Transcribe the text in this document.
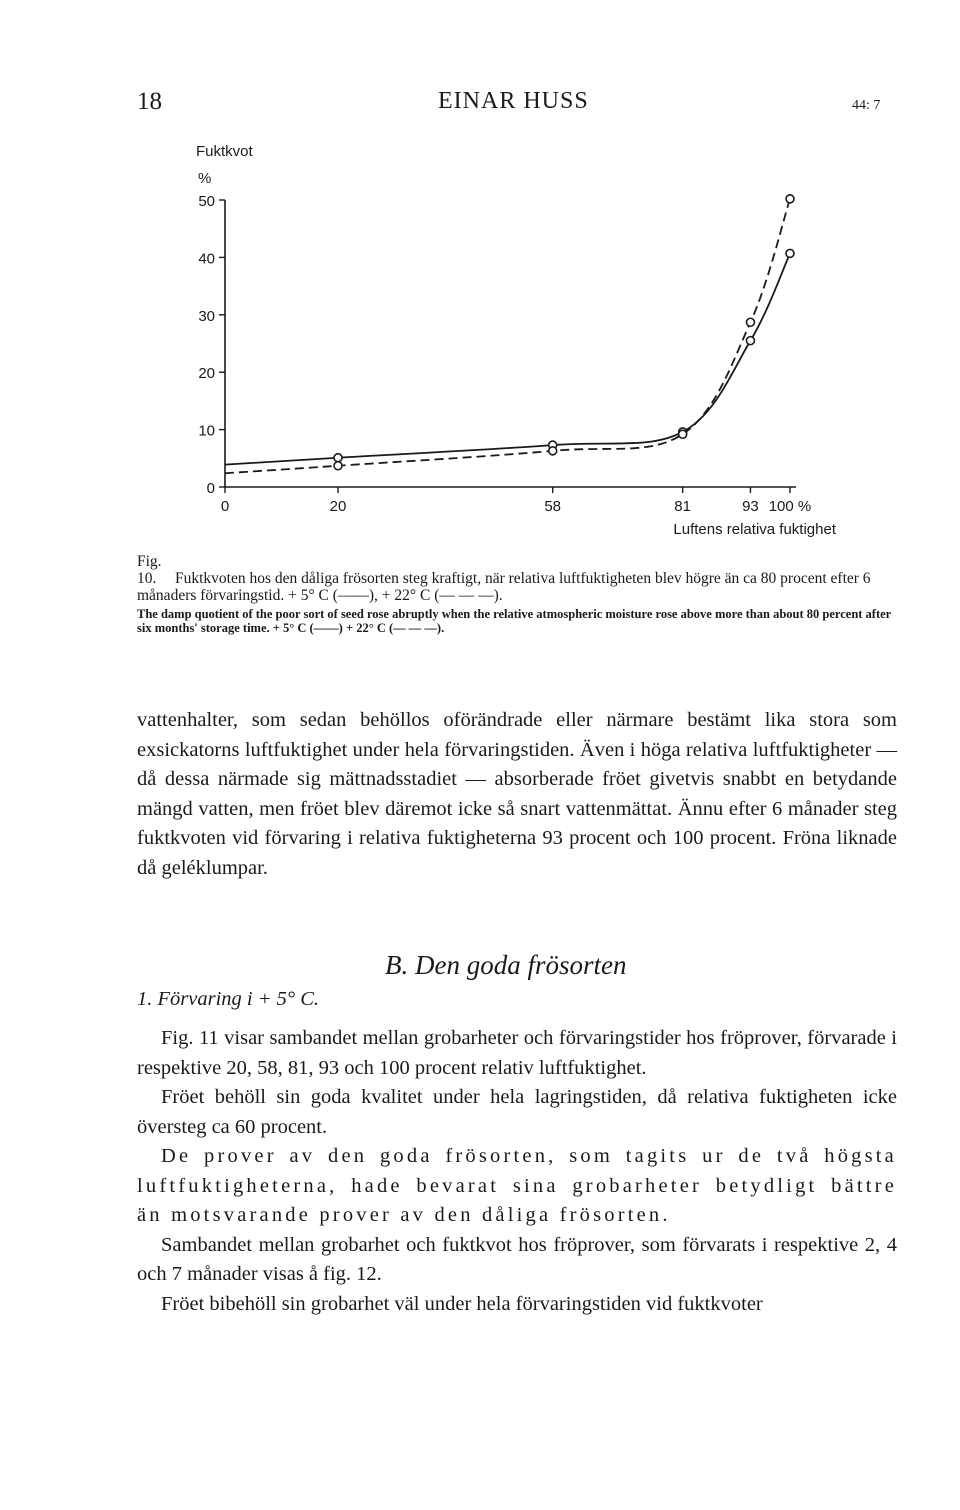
18	EINAR HUSS	44: 7
0
10
20
30
40
50
0	20	58	81	93 100 %
Fuktkvot
%
Luftens relativa fuktighet

Fig. 10. Fuktkvoten hos den dåliga frösorten steg kraftigt, när relativa luftfuktigheten blev högre än ca 80 procent efter 6 månaders förvaringstid. + 5° C (——), + 22° C (— — —).

The damp quotient of the poor sort of seed rose abruptly when the relative atmospheric moisture rose above more than about 80 percent after six months' storage time. + 5° C (——) + 22° C (— — —).

vattenhalter, som sedan behöllos oförändrade eller närmare bestämt lika stora som exsickatorns luftfuktighet under hela förvaringstiden. Även i höga relativa luftfuktigheter — då dessa närmade sig mättnadsstadiet — absorberade fröet givetvis snabbt en betydande mängd vatten, men fröet blev däremot icke så snart vattenmättat. Ännu efter 6 månader steg fuktkvoten vid förvaring i relativa fuktigheterna 93 procent och 100 procent. Fröna liknade då geléklumpar.

B. Den goda frösorten
1. Förvaring i + 5° C.

Fig. 11 visar sambandet mellan grobarheter och förvaringstider hos fröprover, förvarade i respektive 20, 58, 81, 93 och 100 procent relativ luftfuktighet.

Fröet behöll sin goda kvalitet under hela lagringstiden, då relativa fuktigheten icke översteg ca 60 procent.

De prover av den goda frösorten, som tagits ur de två högsta luftfuktigheterna, hade bevarat sina grobarheter betydligt bättre än motsvarande prover av den dåliga frösorten.

Sambandet mellan grobarhet och fuktkvot hos fröprover, som förvarats i respektive 2, 4 och 7 månader visas å fig. 12.

Fröet bibehöll sin grobarhet väl under hela förvaringstiden vid fuktkvoter
